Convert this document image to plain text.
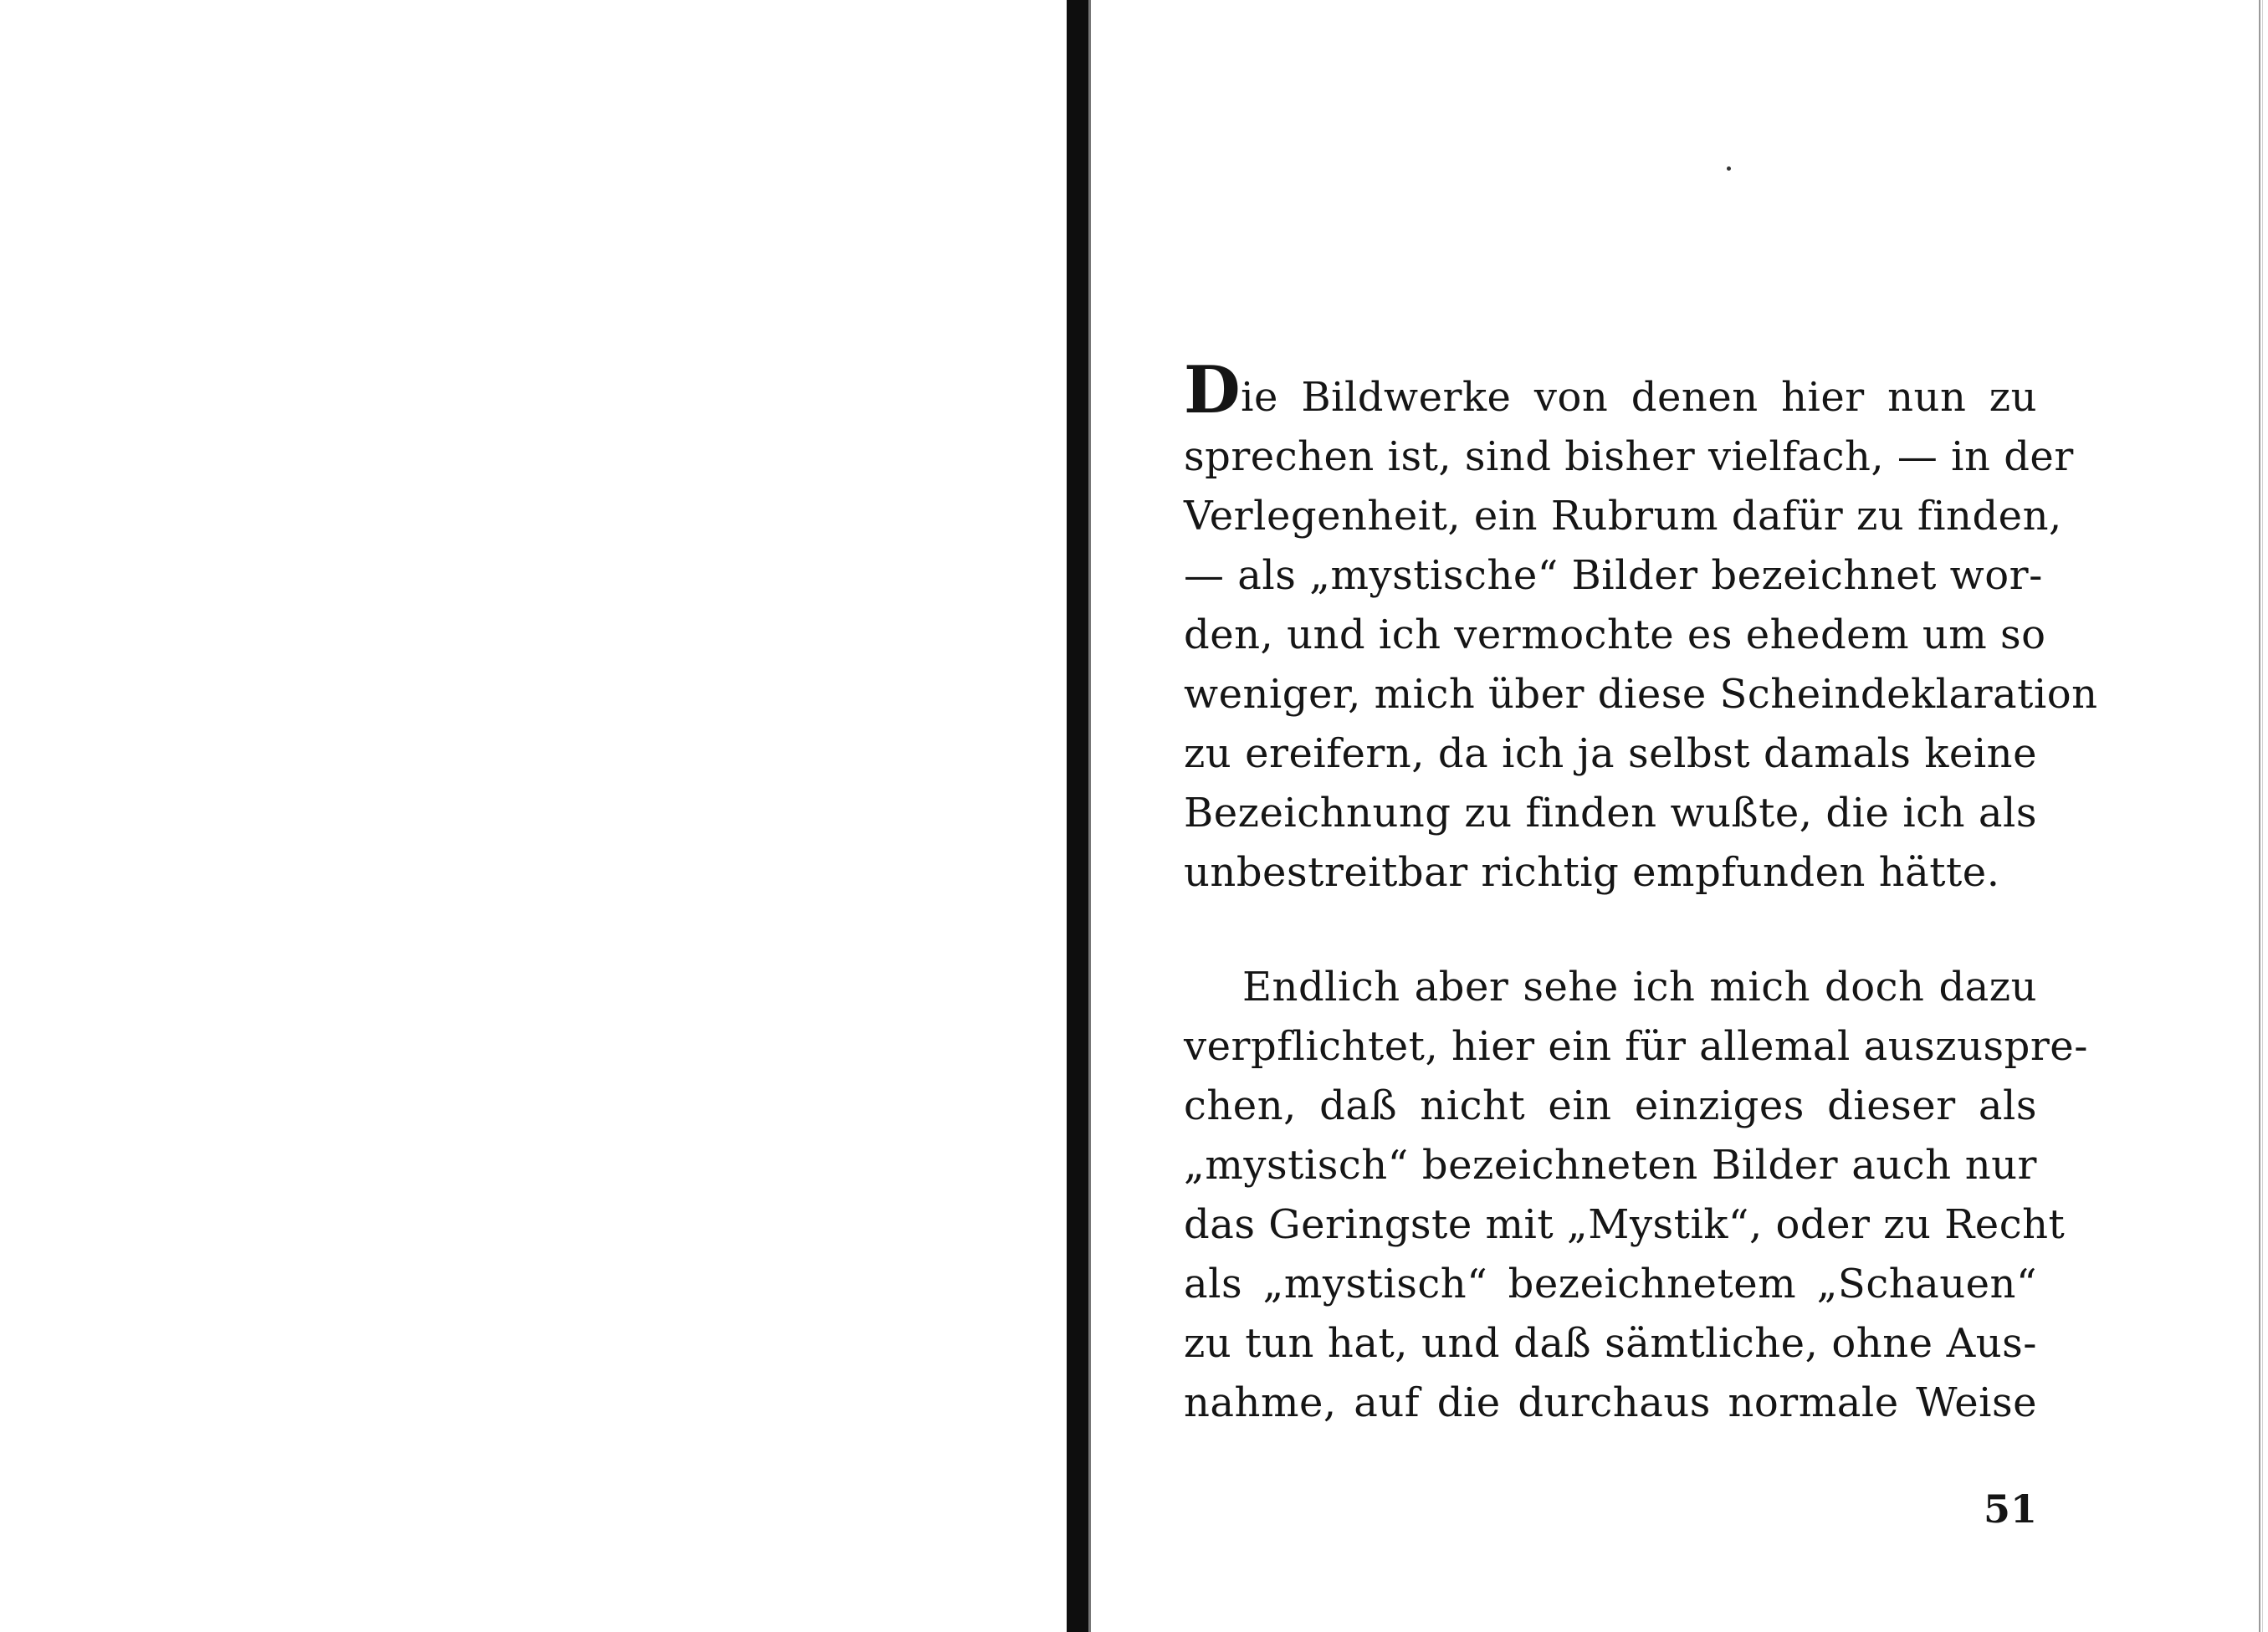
Die Bildwerke von denen hier nun zu
sprechen ist, sind bisher vielfach, — in der
Verlegenheit, ein Rubrum dafür zu finden,
— als „mystische“ Bilder bezeichnet wor-
den, und ich vermochte es ehedem um so
weniger, mich über diese Scheindeklaration
zu ereifern, da ich ja selbst damals keine
Bezeichnung zu finden wußte, die ich als
unbestreitbar richtig empfunden hätte.
Endlich aber sehe ich mich doch dazu
verpflichtet, hier ein für allemal auszuspre-
chen, daß nicht ein einziges dieser als
„mystisch“ bezeichneten Bilder auch nur
das Geringste mit „Mystik“, oder zu Recht
als „mystisch“ bezeichnetem „Schauen“
zu tun hat, und daß sämtliche, ohne Aus-
nahme, auf die durchaus normale Weise
51
